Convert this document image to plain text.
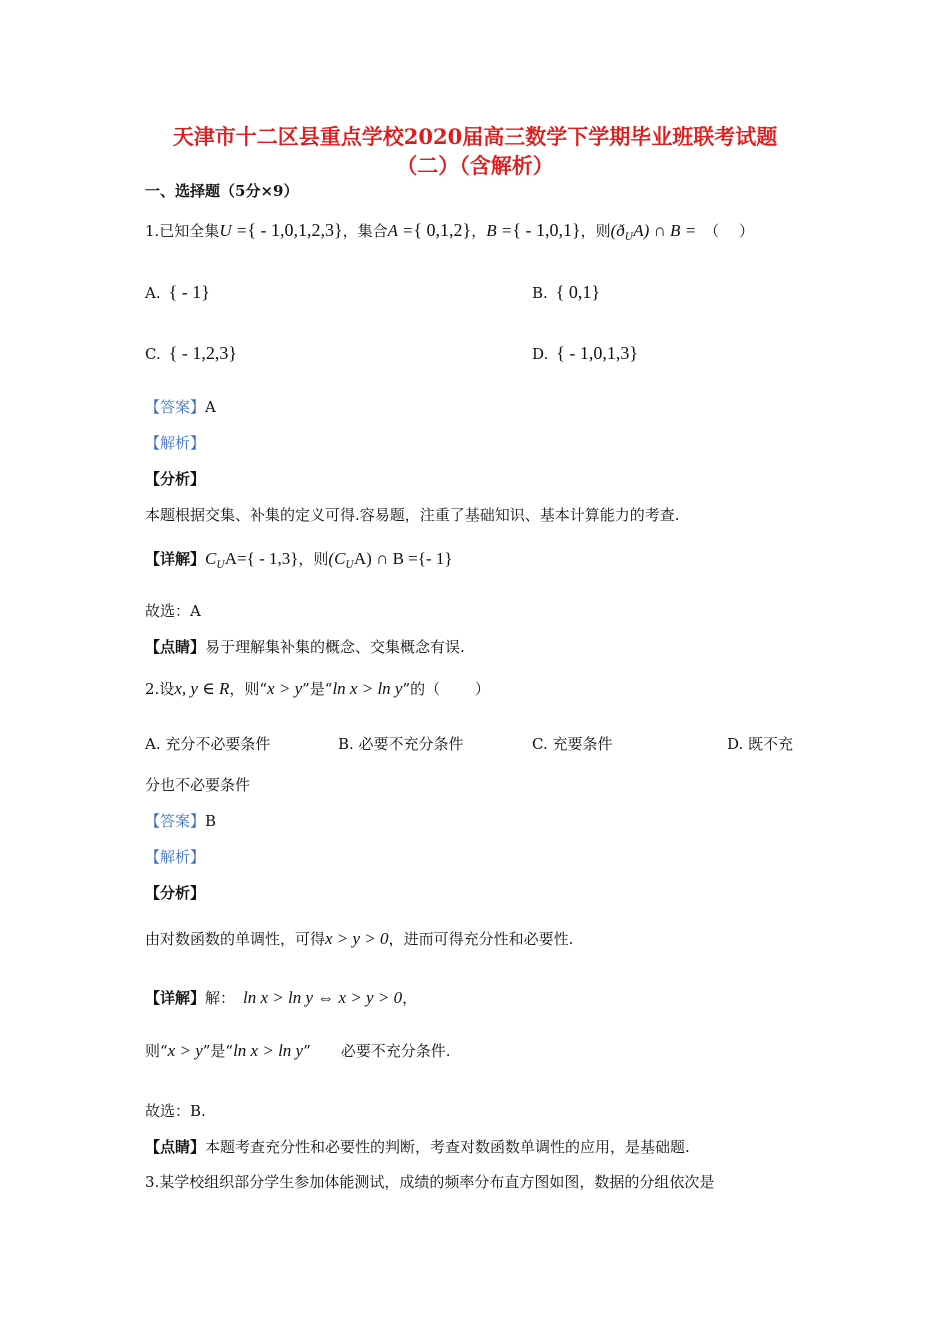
天津市十二区县重点学校2020届高三数学下学期毕业班联考试题
（二）（含解析）
一、选择题（5分×9）
1.已知全集U ={ - 1,0,1,2,3}，集合A ={ 0,1,2}，B ={ - 1,0,1}，则$(ð_UA)$ ∩ B = （　 ）
A. { - 1}	B. { 0,1}
C. { - 1,2,3}	D. { - 1,0,1,3}
【答案】A
【解析】
【分析】
本题根据交集、补集的定义可得.容易题，注重了基础知识、基本计算能力的考查.
【详解】$C_UA=\{ - 1,3\}$，则$(C_UA)$ ∩ B ={- 1}
故选：A
【点睛】易于理解集补集的概念、交集概念有误.
2.设x, y ∈ R，则“x > y”是“ln x > ln y”的（　　 ）
A. 充分不必要条件	B. 必要不充分条件	C. 充要条件	D. 既不充
分也不必要条件
【答案】B
【解析】
【分析】
由对数函数的单调性，可得x > y > 0，进而可得充分性和必要性.
【详解】解： ln x > ln y ⇔ x > y > 0，
则“x > y”是“ln x > ln y” 必要不充分条件.
故选：B.
【点睛】本题考查充分性和必要性的判断，考查对数函数单调性的应用，是基础题.
3.某学校组织部分学生参加体能测试，成绩的频率分布直方图如图，数据的分组依次是
